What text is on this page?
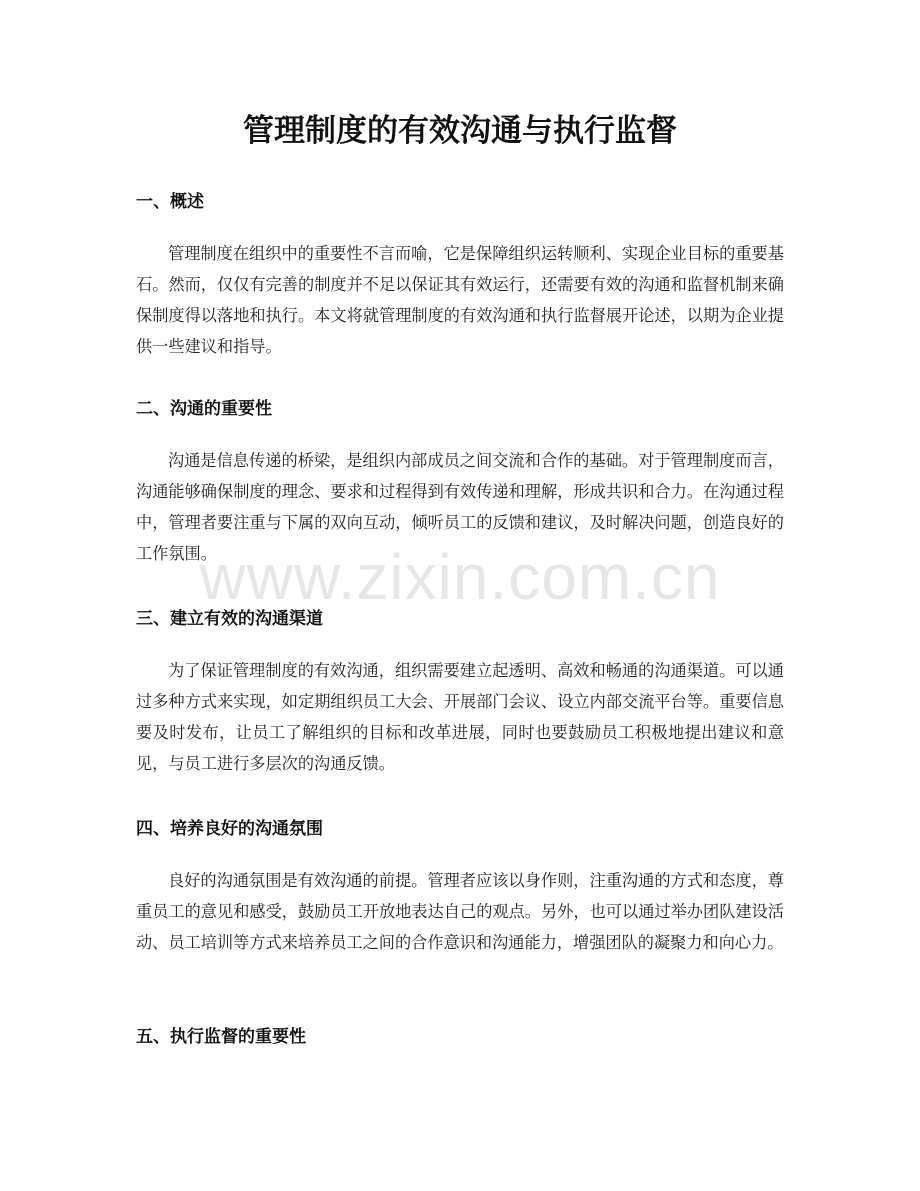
管理制度的有效沟通与执行监督
一、概述

管理制度在组织中的重要性不言而喻，它是保障组织运转顺利、实现企业目标的重要基石。然而，仅仅有完善的制度并不足以保证其有效运行，还需要有效的沟通和监督机制来确保制度得以落地和执行。本文将就管理制度的有效沟通和执行监督展开论述，以期为企业提供一些建议和指导。

二、沟通的重要性

沟通是信息传递的桥梁，是组织内部成员之间交流和合作的基础。对于管理制度而言，沟通能够确保制度的理念、要求和过程得到有效传递和理解，形成共识和合力。在沟通过程中，管理者要注重与下属的双向互动，倾听员工的反馈和建议，及时解决问题，创造良好的工作氛围。

三、建立有效的沟通渠道

为了保证管理制度的有效沟通，组织需要建立起透明、高效和畅通的沟通渠道。可以通过多种方式来实现，如定期组织员工大会、开展部门会议、设立内部交流平台等。重要信息要及时发布，让员工了解组织的目标和改革进展，同时也要鼓励员工积极地提出建议和意见，与员工进行多层次的沟通反馈。

四、培养良好的沟通氛围

良好的沟通氛围是有效沟通的前提。管理者应该以身作则，注重沟通的方式和态度，尊重员工的意见和感受，鼓励员工开放地表达自己的观点。另外，也可以通过举办团队建设活动、员工培训等方式来培养员工之间的合作意识和沟通能力，增强团队的凝聚力和向心力。

五、执行监督的重要性
www.zixin.com.cn
